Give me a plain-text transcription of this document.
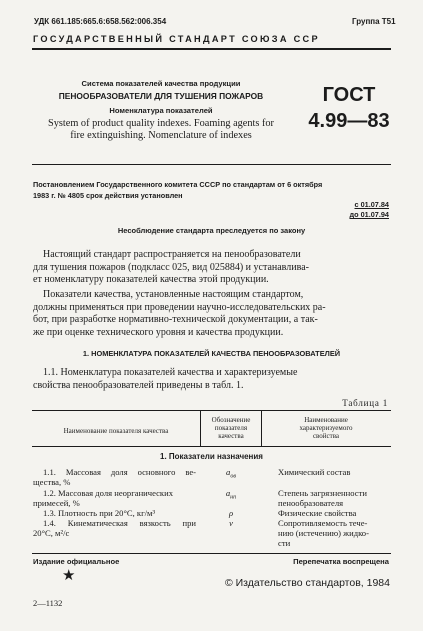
УДК 661.185:665.6:658.562:006.354	Группа Т51
ГОСУДАРСТВЕННЫЙ СТАНДАРТ СОЮЗА ССР
Система показателей качества продукции
ПЕНООБРАЗОВАТЕЛИ ДЛЯ ТУШЕНИЯ ПОЖАРОВ
Номенклатура показателей
System of product quality indexes. Foaming agents for
fire extinguishing. Nomenclature of indexes
ГОСТ
4.99—83
Постановлением Государственного комитета СССР по стандартам от 6 октября
1983 г. № 4805 срок действия установлен
с 01.07.84
до 01.07.94
Несоблюдение стандарта преследуется по закону
Настоящий стандарт распространяется на пенообразователи
для тушения пожаров (подкласс 025, вид 025884) и устанавлива-
ет номенклатуру показателей качества этой продукции.
Показатели качества, установленные настоящим стандартом,
должны применяться при проведении научно-исследовательских ра-
бот, при разработке нормативно-технической документации, а так-
же при оценке технического уровня и качества продукции.
1. НОМЕНКЛАТУРА ПОКАЗАТЕЛЕЙ КАЧЕСТВА ПЕНООБРАЗОВАТЕЛЕЙ
1.1. Номенклатура показателей качества и характеризуемые
свойства пенообразователей приведены в табл. 1.
Таблица 1
Наименование показателя качества
Обозначение
показателя
качества
Наименование
характеризуемого
свойства
1. Показатели назначения
1.1. Массовая доля основного ве-
щества, %
$a_{ов}$	Химический состав
1.2. Массовая доля неорганических
примесей, %
$a_{нп}$	Степень загрязненности
пенообразователя
1.3. Плотность при 20°С, кг/м³	ρ	Физические свойства
1.4. Кинематическая вязкость при
20°С, м²/с
ν	Сопротивляемость тече-
нию (истечению) жидко-
сти
Издание официальное	Перепечатка воспрещена
★	© Издательство стандартов, 1984
2—1132
